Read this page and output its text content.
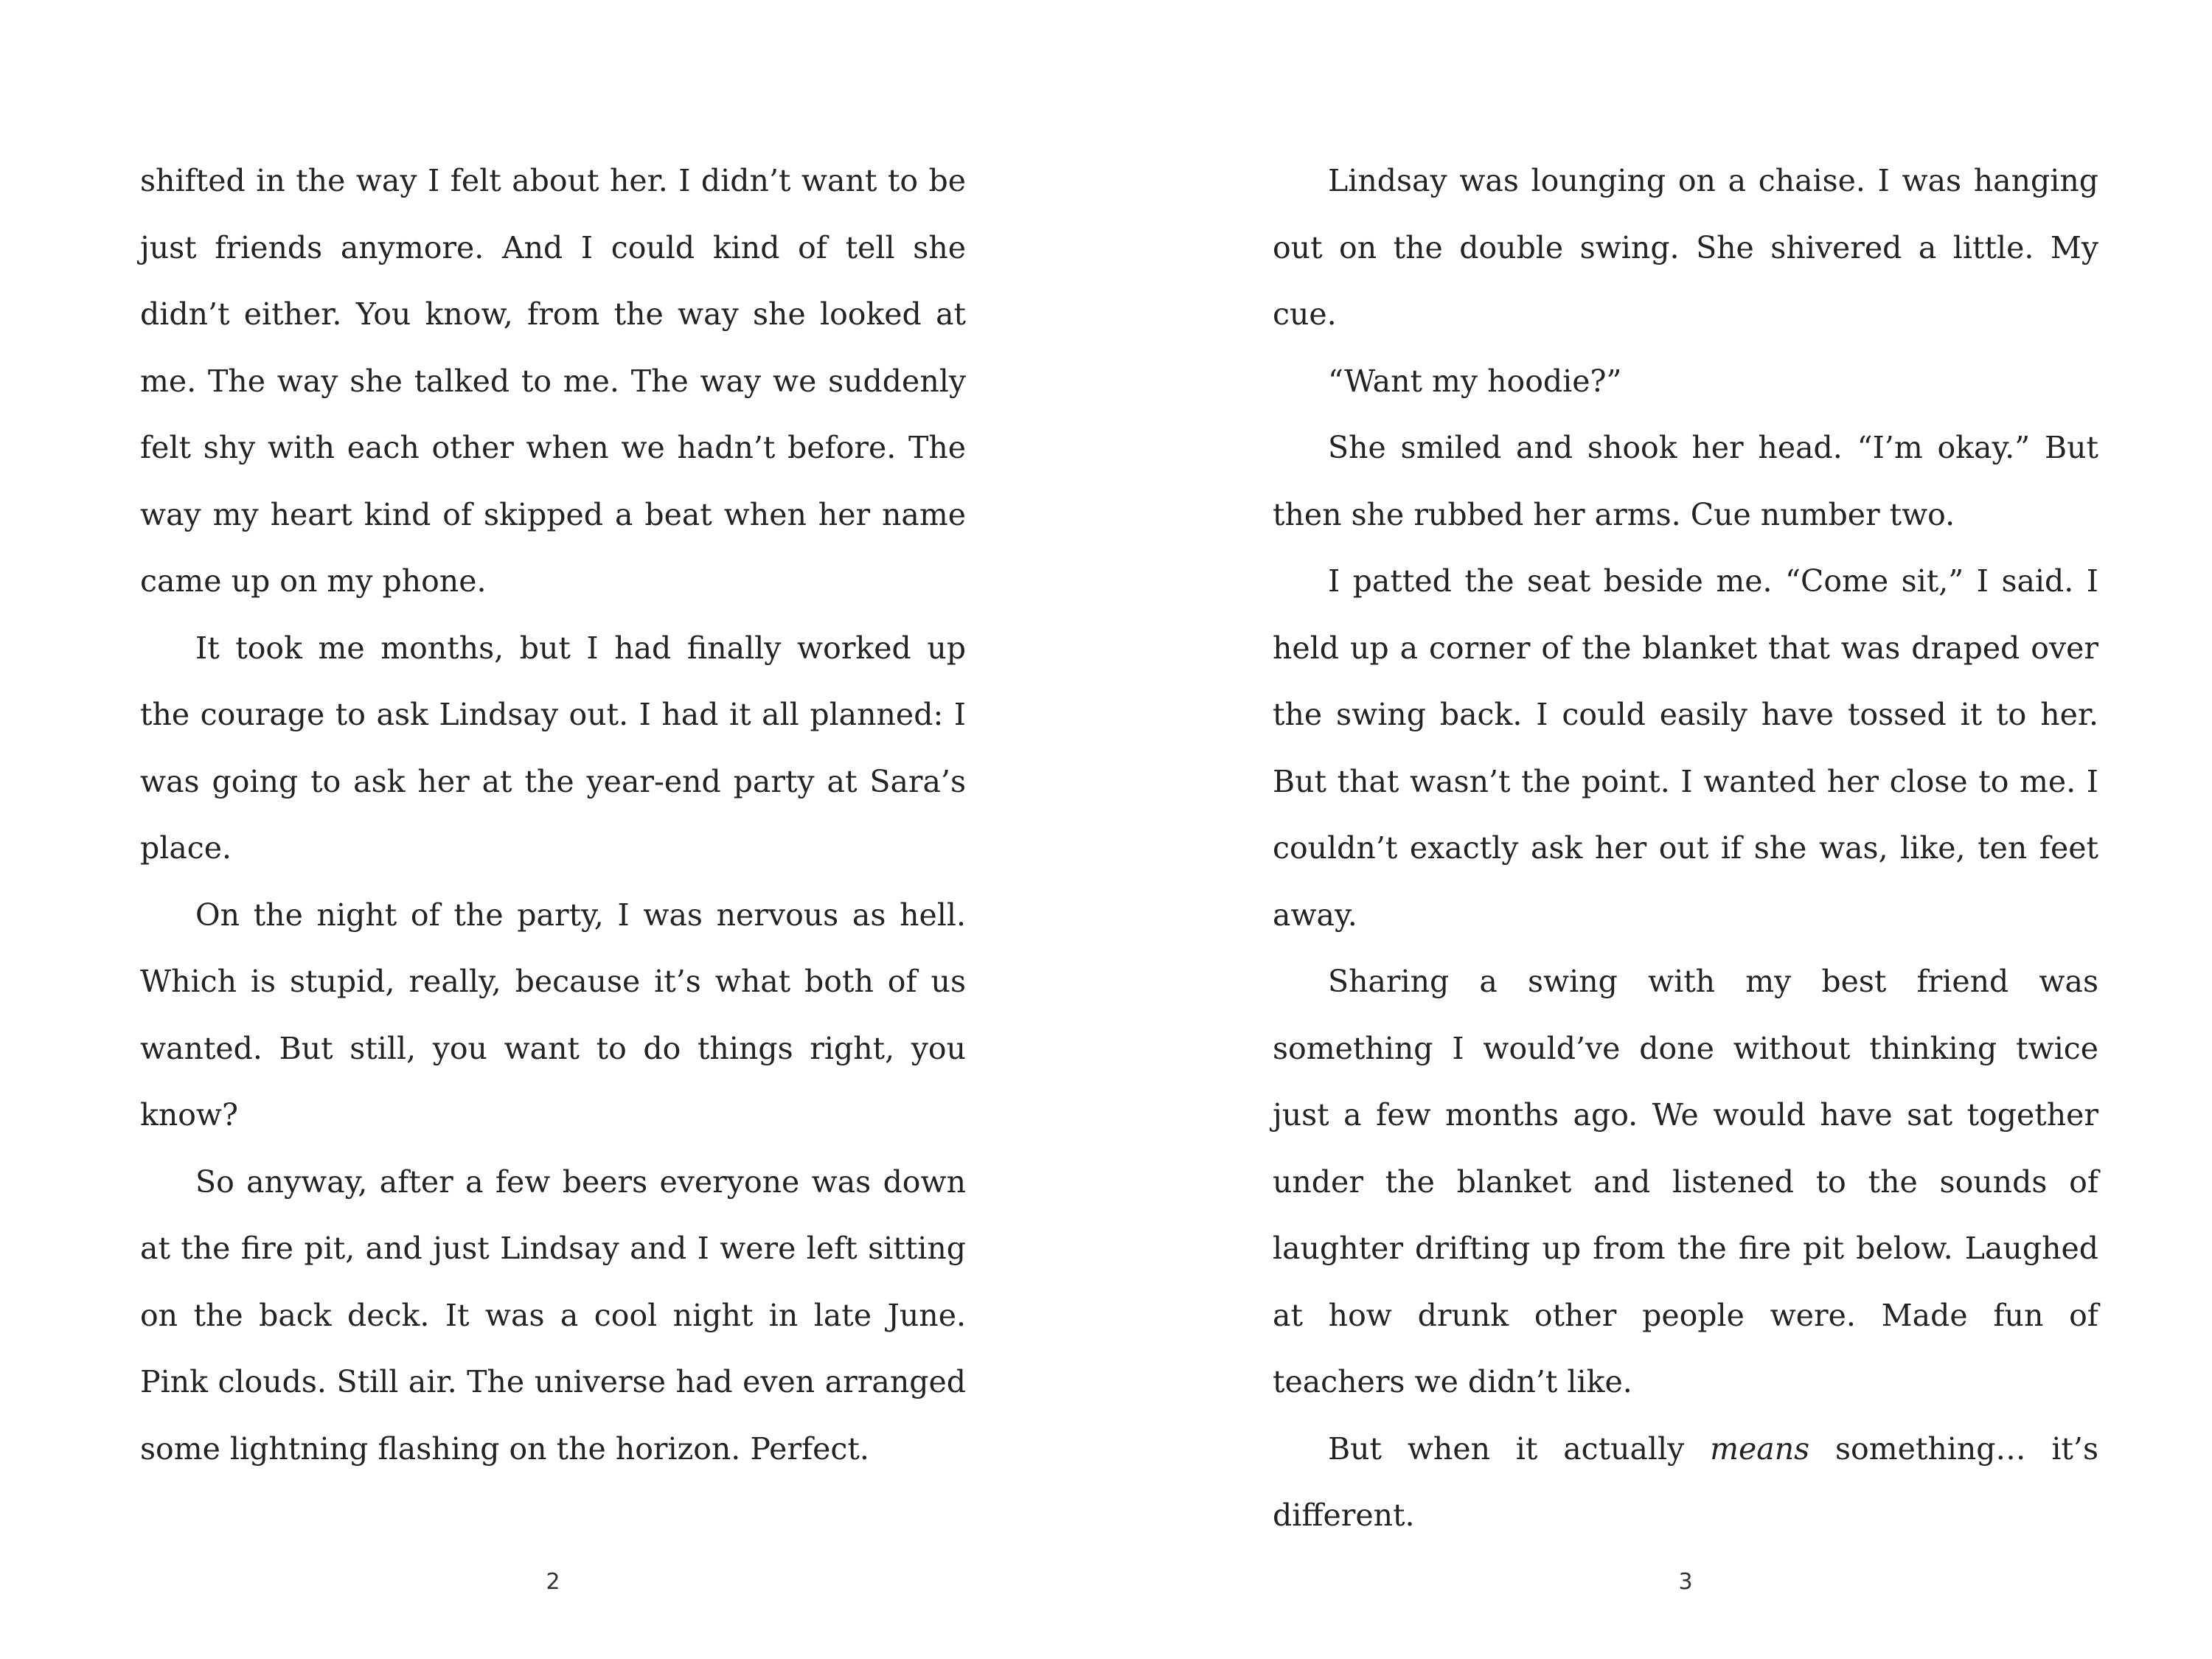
shifted in the way I felt about her. I didn’t want to be just friends anymore. And I could kind of tell she didn’t either. You know, from the way she looked at me. The way she talked to me. The way we suddenly felt shy with each other when we hadn’t before. The way my heart kind of skipped a beat when her name came up on my phone.

It took me months, but I had finally worked up the courage to ask Lindsay out. I had it all planned: I was going to ask her at the year-end party at Sara’s place.

On the night of the party, I was nervous as hell. Which is stupid, really, because it’s what both of us wanted. But still, you want to do things right, you know?

So anyway, after a few beers everyone was down at the fire pit, and just Lindsay and I were left sitting on the back deck. It was a cool night in late June. Pink clouds. Still air. The universe had even arranged some lightning flashing on the horizon. Perfect.

2

Lindsay was lounging on a chaise. I was hanging out on the double swing. She shivered a little. My cue.

“Want my hoodie?”

She smiled and shook her head. “I’m okay.” But then she rubbed her arms. Cue number two.

I patted the seat beside me. “Come sit,” I said. I held up a corner of the blanket that was draped over the swing back. I could easily have tossed it to her. But that wasn’t the point. I wanted her close to me. I couldn’t exactly ask her out if she was, like, ten feet away.

Sharing a swing with my best friend was something I would’ve done without thinking twice just a few months ago. We would have sat together under the blanket and listened to the sounds of laughter drifting up from the fire pit below. Laughed at how drunk other people were. Made fun of teachers we didn’t like.

But when it actually means something… it’s different.

3
